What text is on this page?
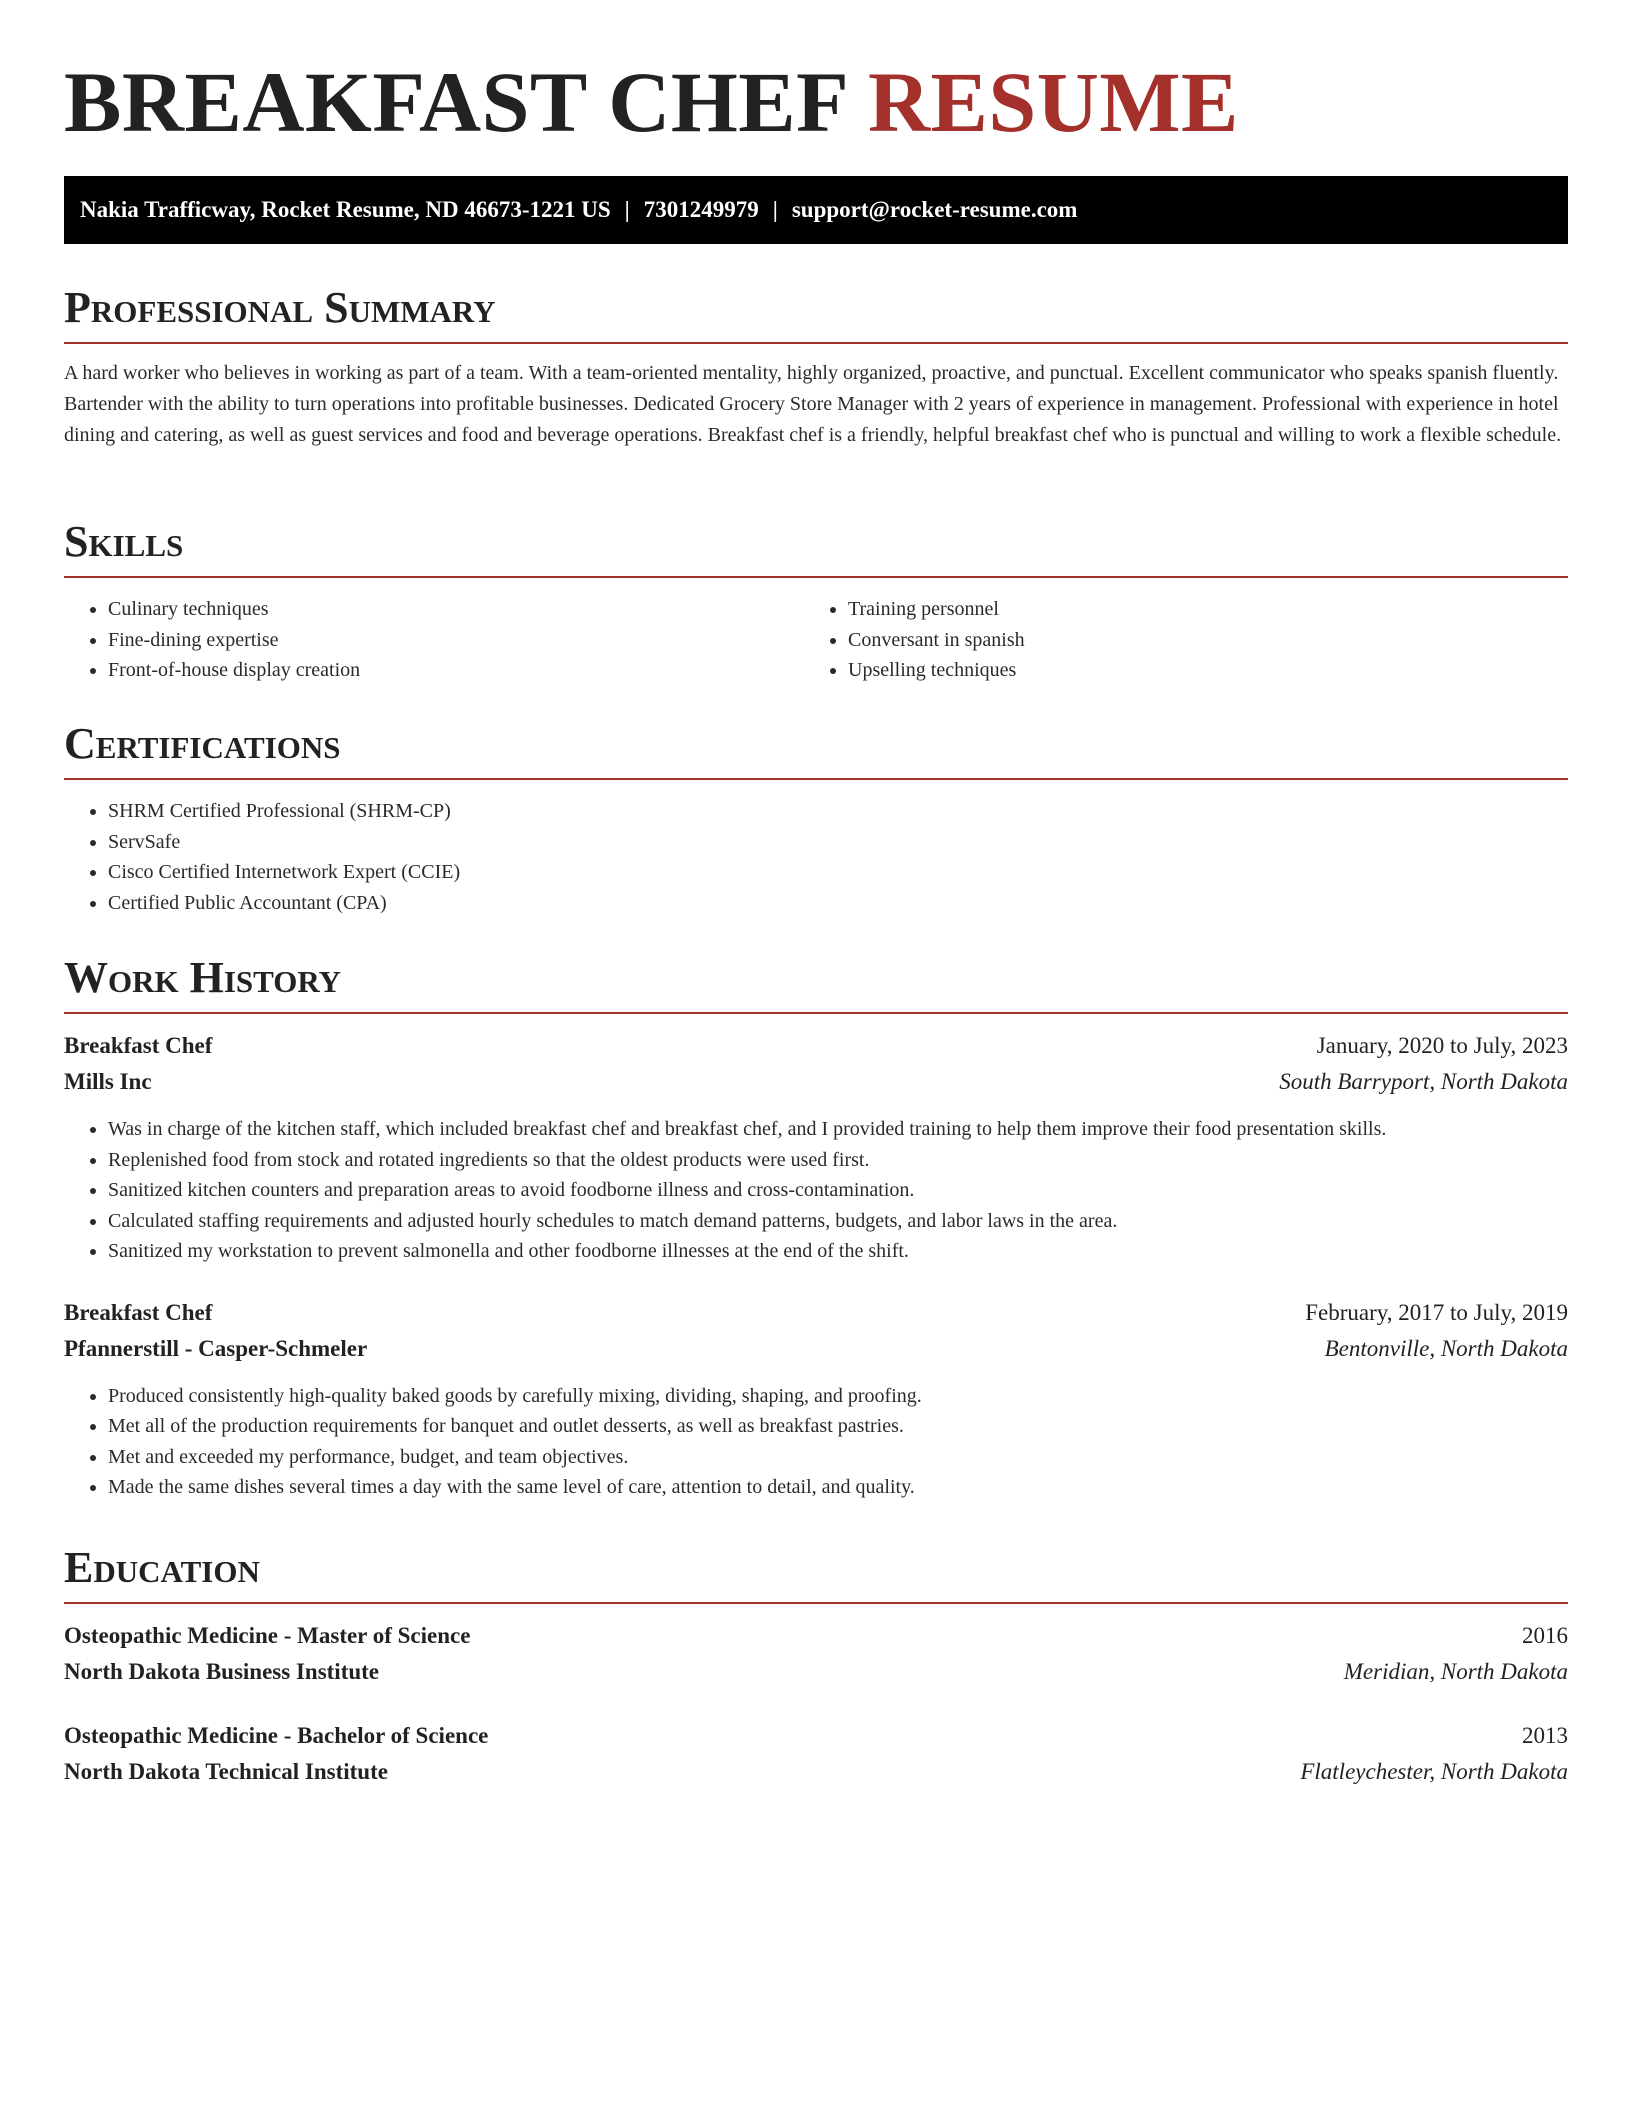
BREAKFAST CHEF RESUME
Nakia Trafficway, Rocket Resume, ND 46673-1221 US | 7301249979 | support@rocket-resume.com
Professional Summary

A hard worker who believes in working as part of a team. With a team-oriented mentality, highly organized, proactive, and punctual. Excellent communicator who speaks spanish fluently. Bartender with the ability to turn operations into profitable businesses. Dedicated Grocery Store Manager with 2 years of experience in management. Professional with experience in hotel dining and catering, as well as guest services and food and beverage operations. Breakfast chef is a friendly, helpful breakfast chef who is punctual and willing to work a flexible schedule.

Skills
• Culinary techniques
• Fine-dining expertise
• Front-of-house display creation
• Training personnel
• Conversant in spanish
• Upselling techniques
Certifications
• SHRM Certified Professional (SHRM-CP)
• ServSafe
• Cisco Certified Internetwork Expert (CCIE)
• Certified Public Accountant (CPA)
Work History
Breakfast Chef	January, 2020 to July, 2023
Mills Inc	South Barryport, North Dakota
• Was in charge of the kitchen staff, which included breakfast chef and breakfast chef, and I provided training to help them improve their food presentation skills.
• Replenished food from stock and rotated ingredients so that the oldest products were used first.
• Sanitized kitchen counters and preparation areas to avoid foodborne illness and cross-contamination.
• Calculated staffing requirements and adjusted hourly schedules to match demand patterns, budgets, and labor laws in the area.
• Sanitized my workstation to prevent salmonella and other foodborne illnesses at the end of the shift.
Breakfast Chef	February, 2017 to July, 2019
Pfannerstill - Casper-Schmeler	Bentonville, North Dakota
• Produced consistently high-quality baked goods by carefully mixing, dividing, shaping, and proofing.
• Met all of the production requirements for banquet and outlet desserts, as well as breakfast pastries.
• Met and exceeded my performance, budget, and team objectives.
• Made the same dishes several times a day with the same level of care, attention to detail, and quality.
Education
Osteopathic Medicine - Master of Science	2016
North Dakota Business Institute	Meridian, North Dakota
Osteopathic Medicine - Bachelor of Science	2013
North Dakota Technical Institute	Flatleychester, North Dakota
